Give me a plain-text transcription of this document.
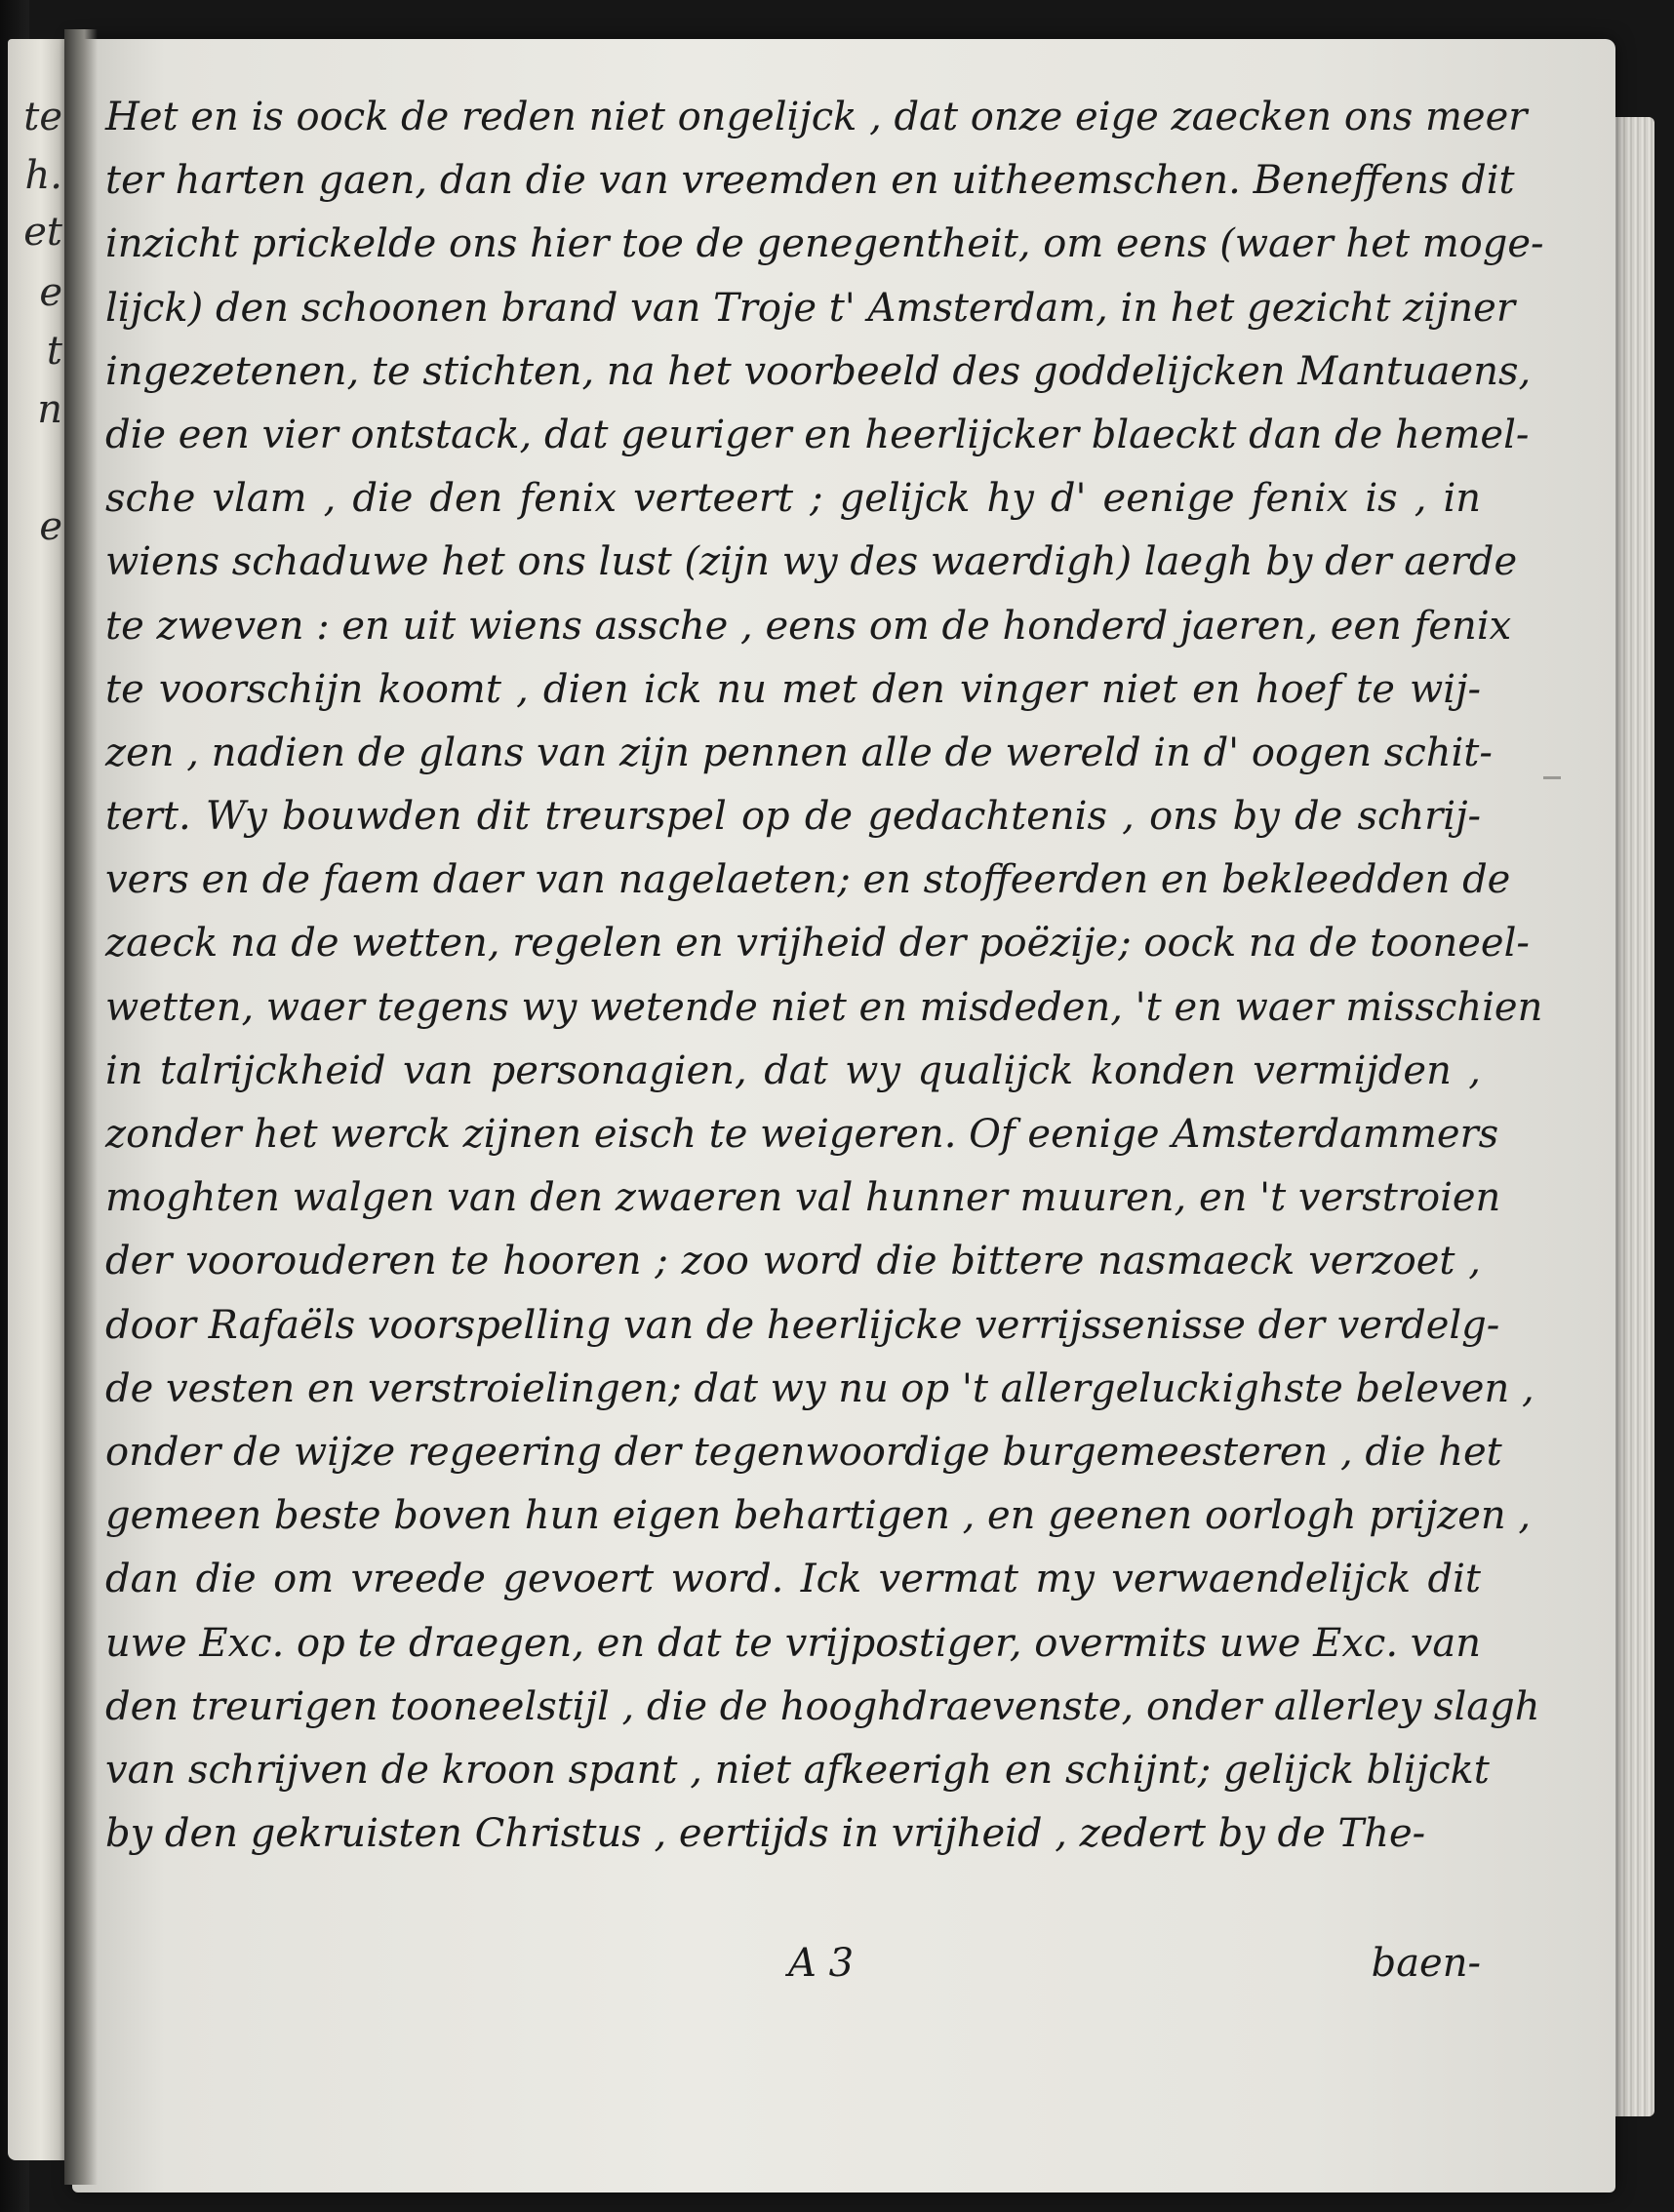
te
h.
et
e
t
n
e
Het en is oock de reden niet ongelijck , dat onze eige zaecken ons meer
ter harten gaen, dan die van vreemden en uitheemschen. Beneffens dit
inzicht prickelde ons hier toe de genegentheit, om eens (waer het moge-
lijck) den schoonen brand van Troje t' Amsterdam, in het gezicht zijner
ingezetenen, te stichten, na het voorbeeld des goddelijcken Mantuaens,
die een vier ontstack, dat geuriger en heerlijcker blaeckt dan de hemel-
sche vlam , die den fenix verteert ; gelijck hy d' eenige fenix is , in
wiens schaduwe het ons lust (zijn wy des waerdigh) laegh by der aerde
te zweven : en uit wiens assche , eens om de honderd jaeren, een fenix
te voorschijn koomt , dien ick nu met den vinger niet en hoef te wij-
zen , nadien de glans van zijn pennen alle de wereld in d' oogen schit-
tert. Wy bouwden dit treurspel op de gedachtenis , ons by de schrij-
vers en de faem daer van nagelaeten; en stoffeerden en bekleedden de
zaeck na de wetten, regelen en vrijheid der poëzije; oock na de tooneel-
wetten, waer tegens wy wetende niet en misdeden, 't en waer misschien
in talrijckheid van personagien, dat wy qualijck konden vermijden ,
zonder het werck zijnen eisch te weigeren. Of eenige Amsterdammers
moghten walgen van den zwaeren val hunner muuren, en 't verstroien
der voorouderen te hooren ; zoo word die bittere nasmaeck verzoet ,
door Rafaëls voorspelling van de heerlijcke verrijssenisse der verdelg-
de vesten en verstroielingen; dat wy nu op 't allergeluckighste beleven ,
onder de wijze regeering der tegenwoordige burgemeesteren , die het
gemeen beste boven hun eigen behartigen , en geenen oorlogh prijzen ,
dan die om vreede gevoert word. Ick vermat my verwaendelijck dit
uwe Exc. op te draegen, en dat te vrijpostiger, overmits uwe Exc. van
den treurigen tooneelstijl , die de hooghdraevenste, onder allerley slagh
van schrijven de kroon spant , niet afkeerigh en schijnt; gelijck blijckt
by den gekruisten Christus , eertijds in vrijheid , zedert by de The-
A 3	baen-
